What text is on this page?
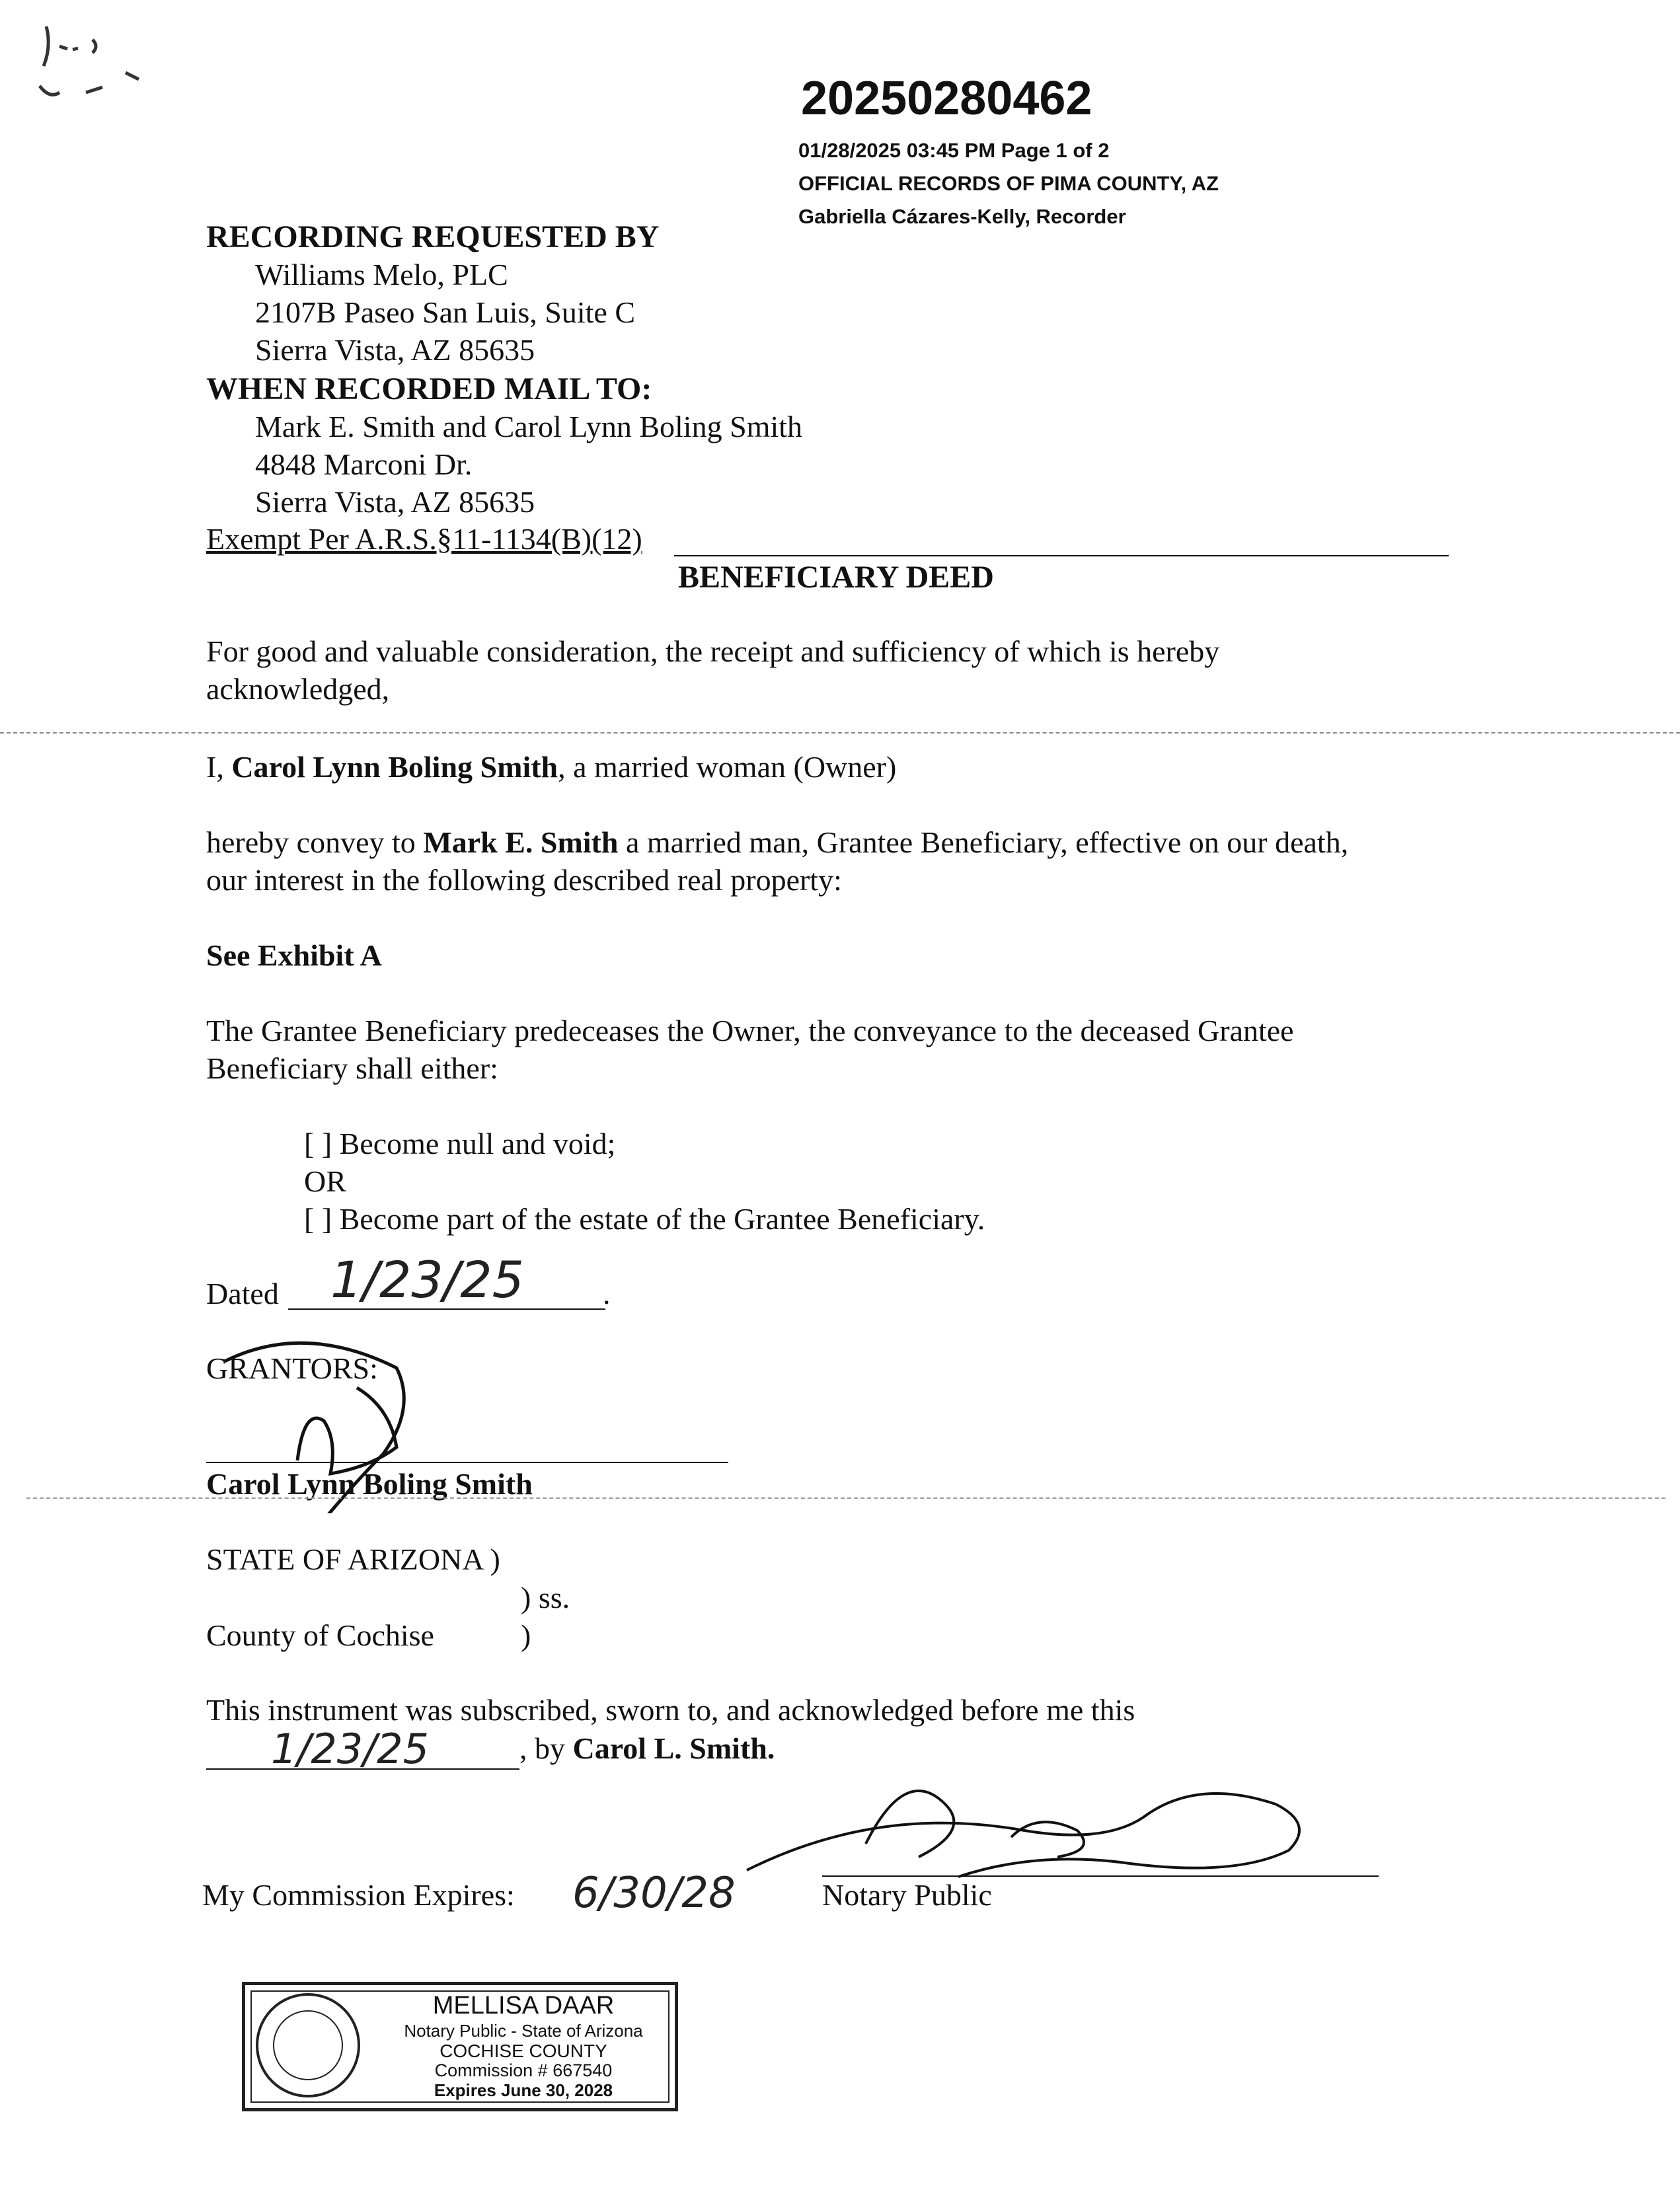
20250280462
01/28/2025 03:45 PM Page 1 of 2
OFFICIAL RECORDS OF PIMA COUNTY, AZ
Gabriella Cázares-Kelly, Recorder
RECORDING REQUESTED BY
Williams Melo, PLC
2107B Paseo San Luis, Suite C
Sierra Vista, AZ 85635
WHEN RECORDED MAIL TO:
Mark E. Smith and Carol Lynn Boling Smith
4848 Marconi Dr.
Sierra Vista, AZ 85635
Exempt Per A.R.S.§11-1134(B)(12)
BENEFICIARY DEED
For good and valuable consideration, the receipt and sufficiency of which is hereby
acknowledged,
I, Carol Lynn Boling Smith, a married woman (Owner)
hereby convey to Mark E. Smith a married man, Grantee Beneficiary, effective on our death,
our interest in the following described real property:
See Exhibit A
The Grantee Beneficiary predeceases the Owner, the conveyance to the deceased Grantee
Beneficiary shall either:
[ ] Become null and void;
OR
[ ] Become part of the estate of the Grantee Beneficiary.
Dated	.
1/23/25
GRANTORS:
Carol Lynn Boling Smith
STATE OF ARIZONA )
) ss.
County of Cochise	)
This instrument was subscribed, sworn to, and acknowledged before me this
1/23/25	, by Carol L. Smith.
My Commission Expires: 6/30/28	Notary Public
MELLISA DAAR
Notary Public - State of Arizona
COCHISE COUNTY
Commission # 667540
Expires June 30, 2028
